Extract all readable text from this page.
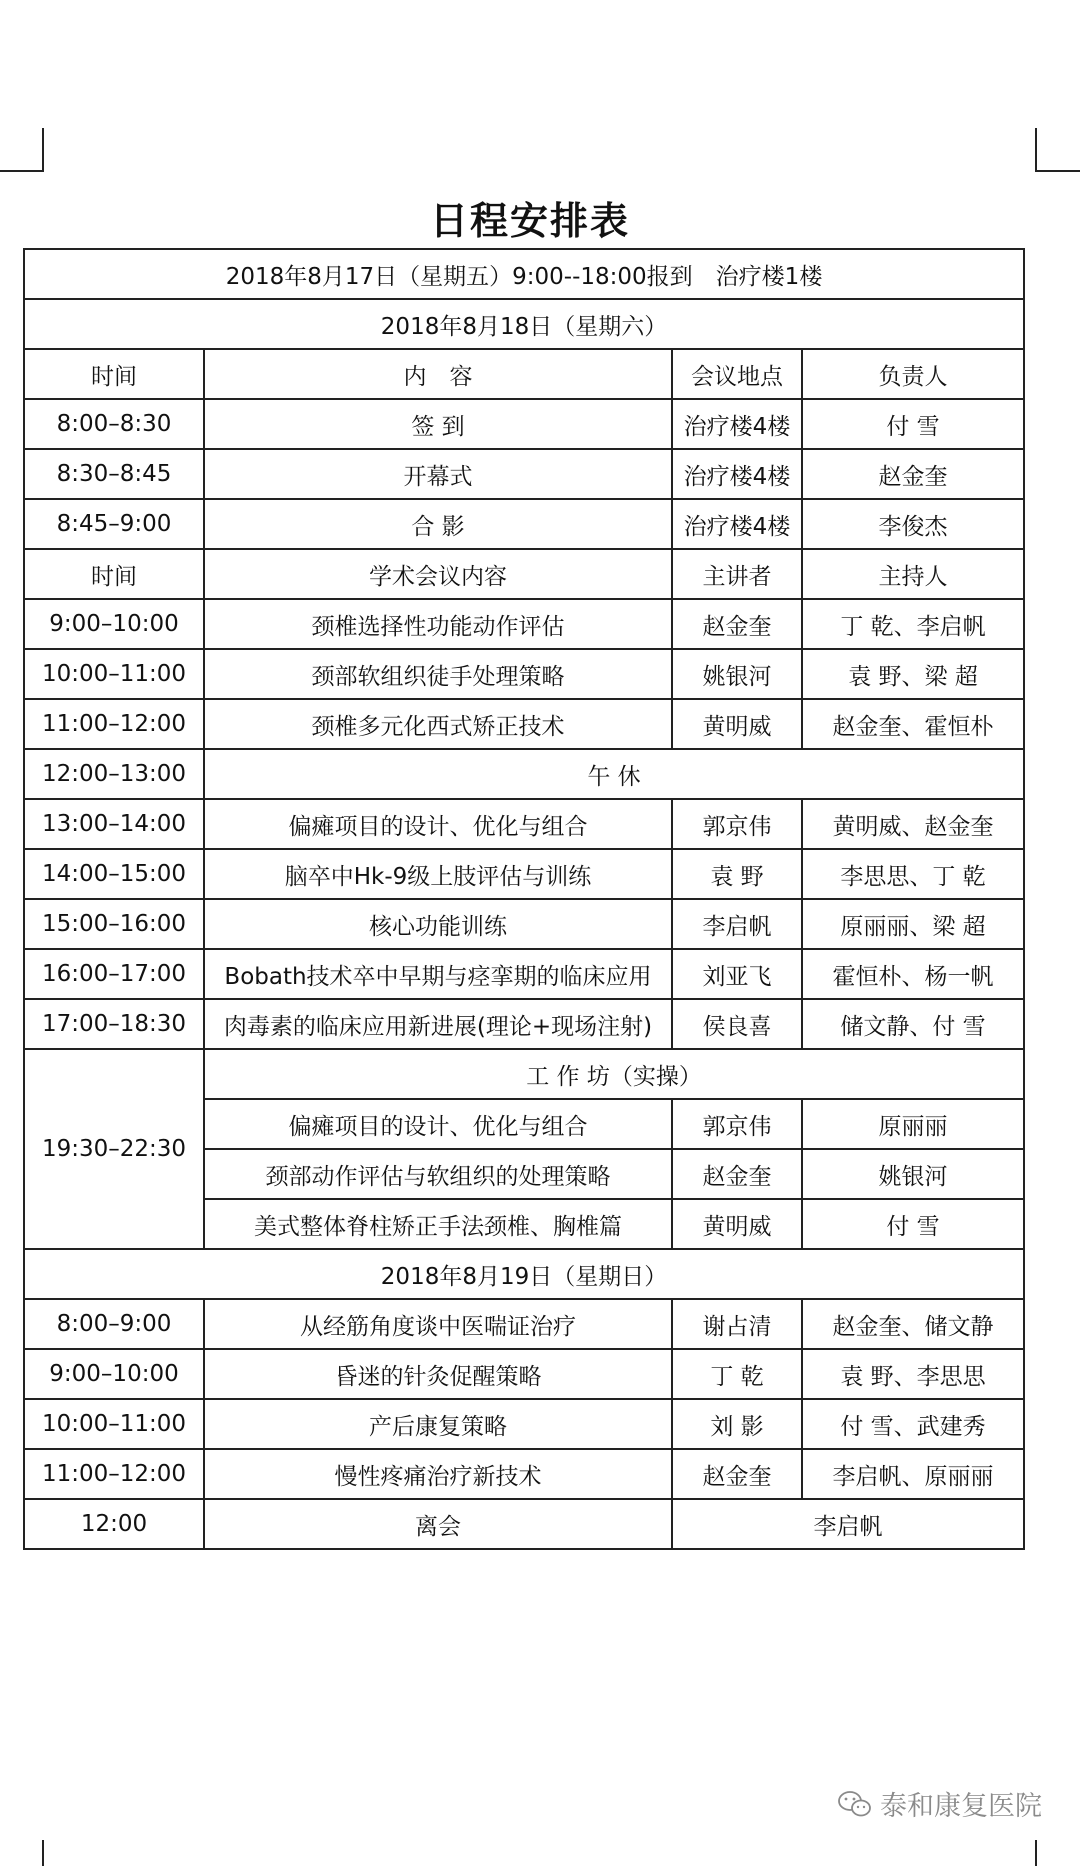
日程安排表
2018年8月17日（星期五）9:00--18:00报到　治疗楼1楼			
2018年8月18日（星期六）			
时间	内　容	会议地点	负责人
8:00–8:30	签 到	治疗楼4楼	付 雪
8:30–8:45	开幕式	治疗楼4楼	赵金奎
8:45–9:00	合 影	治疗楼4楼	李俊杰
时间	学术会议内容	主讲者	主持人
9:00–10:00	颈椎选择性功能动作评估	赵金奎	丁 乾、李启帆
10:00–11:00	颈部软组织徒手处理策略	姚银河	袁 野、梁 超
11:00–12:00	颈椎多元化西式矫正技术	黄明威	赵金奎、霍恒朴
12:00–13:00	午 休		
13:00–14:00	偏瘫项目的设计、优化与组合	郭京伟	黄明威、赵金奎
14:00–15:00	脑卒中Hk-9级上肢评估与训练	袁 野	李思思、丁 乾
15:00–16:00	核心功能训练	李启帆	原丽丽、梁 超
16:00–17:00	Bobath技术卒中早期与痉挛期的临床应用	刘亚飞	霍恒朴、杨一帆
17:00–18:30	肉毒素的临床应用新进展(理论+现场注射)	侯良喜	储文静、付 雪
19:30–22:30	工 作 坊（实操）		
	偏瘫项目的设计、优化与组合	郭京伟	原丽丽
	颈部动作评估与软组织的处理策略	赵金奎	姚银河
	美式整体脊柱矫正手法颈椎、胸椎篇	黄明威	付 雪
2018年8月19日（星期日）			
8:00–9:00	从经筋角度谈中医喘证治疗	谢占清	赵金奎、储文静
9:00–10:00	昏迷的针灸促醒策略	丁 乾	袁 野、李思思
10:00–11:00	产后康复策略	刘 影	付 雪、武建秀
11:00–12:00	慢性疼痛治疗新技术	赵金奎	李启帆、原丽丽
12:00	离会	李启帆	
泰和康复医院
